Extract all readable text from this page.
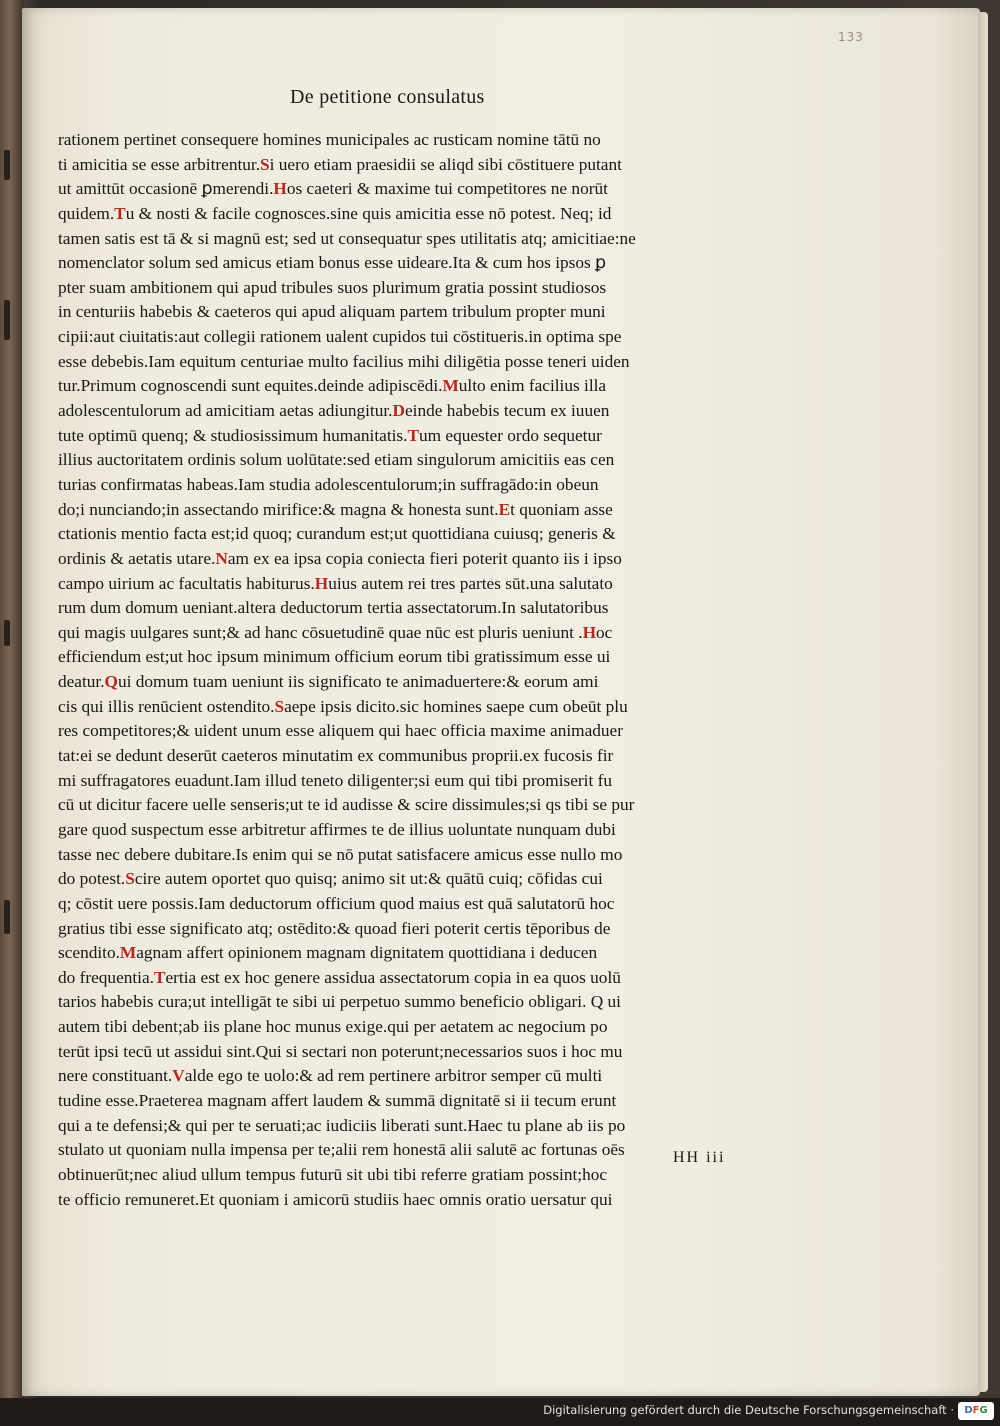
133
De petitione consulatus
rationem pertinet consequere homines municipales ac rusticam nomine tātū no
ti amicitia se esse arbitrentur.Si uero etiam praesidii se aliqd sibi cōstituere putant
ut amittūt occasionē ꝑmerendi.Hos caeteri & maxime tui competitores ne norūt
quidem.Tu & nosti & facile cognosces.sine quis amicitia esse nō potest. Neq; id
tamen satis est tā & si magnū est; sed ut consequatur spes utilitatis atq; amicitiae:ne
nomenclator solum sed amicus etiam bonus esse uideare.Ita & cum hos ipsos ꝑ
pter suam ambitionem qui apud tribules suos plurimum gratia possint studiosos
in centuriis habebis & caeteros qui apud aliquam partem tribulum propter muni
cipii:aut ciuitatis:aut collegii rationem ualent cupidos tui cōstitueris.in optima spe
esse debebis.Iam equitum centuriae multo facilius mihi diligētia posse teneri uiden
tur.Primum cognoscendi sunt equites.deinde adipiscēdi.Multo enim facilius illa
adolescentulorum ad amicitiam aetas adiungitur.Deinde habebis tecum ex iuuen
tute optimū quenq; & studiosissimum humanitatis.Tum equester ordo sequetur
illius auctoritatem ordinis solum uolūtate:sed etiam singulorum amicitiis eas cen
turias confirmatas habeas.Iam studia adolescentulorum;in suffragādo:in obeun
do;i nunciando;in assectando mirifice:& magna & honesta sunt.Et quoniam asse
ctationis mentio facta est;id quoq; curandum est;ut quottidiana cuiusq; generis &
ordinis & aetatis utare.Nam ex ea ipsa copia coniecta fieri poterit quanto iis i ipso
campo uirium ac facultatis habiturus.Huius autem rei tres partes sūt.una salutato
rum dum domum ueniant.altera deductorum tertia assectatorum.In salutatoribus
qui magis uulgares sunt;& ad hanc cōsuetudinē quae nūc est pluris ueniunt .Hoc
efficiendum est;ut hoc ipsum minimum officium eorum tibi gratissimum esse ui
deatur.Qui domum tuam ueniunt iis significato te animaduertere:& eorum ami
cis qui illis renūcient ostendito.Saepe ipsis dicito.sic homines saepe cum obeūt plu
res competitores;& uident unum esse aliquem qui haec officia maxime animaduer
tat:ei se dedunt deserūt caeteros minutatim ex communibus proprii.ex fucosis fir
mi suffragatores euadunt.Iam illud teneto diligenter;si eum qui tibi promiserit fu
cū ut dicitur facere uelle senseris;ut te id audisse & scire dissimules;si qs tibi se pur
gare quod suspectum esse arbitretur affirmes te de illius uoluntate nunquam dubi
tasse nec debere dubitare.Is enim qui se nō putat satisfacere amicus esse nullo mo
do potest.Scire autem oportet quo quisq; animo sit ut:& quātū cuiq; cōfidas cui
q; cōstit uere possis.Iam deductorum officium quod maius est quā salutatorū hoc
gratius tibi esse significato atq; ostēdito:& quoad fieri poterit certis tēporibus de
scendito.Magnam affert opinionem magnam dignitatem quottidiana i deducen
do frequentia.Tertia est ex hoc genere assidua assectatorum copia in ea quos uolū
tarios habebis cura;ut intelligāt te sibi ui perpetuo summo beneficio obligari. Q ui
autem tibi debent;ab iis plane hoc munus exige.qui per aetatem ac negocium po
terūt ipsi tecū ut assidui sint.Qui si sectari non poterunt;necessarios suos i hoc mu
nere constituant.Valde ego te uolo:& ad rem pertinere arbitror semper cū multi
tudine esse.Praeterea magnam affert laudem & summā dignitatē si ii tecum erunt
qui a te defensi;& qui per te seruati;ac iudiciis liberati sunt.Haec tu plane ab iis po
stulato ut quoniam nulla impensa per te;alii rem honestā alii salutē ac fortunas oēs
obtinuerūt;nec aliud ullum tempus futurū sit ubi tibi referre gratiam possint;hoc
te officio remuneret.Et quoniam i amicorū studiis haec omnis oratio uersatur qui
HH iii
Digitalisierung gefördert durch die Deutsche Forschungsgemeinschaft ·	DFG
